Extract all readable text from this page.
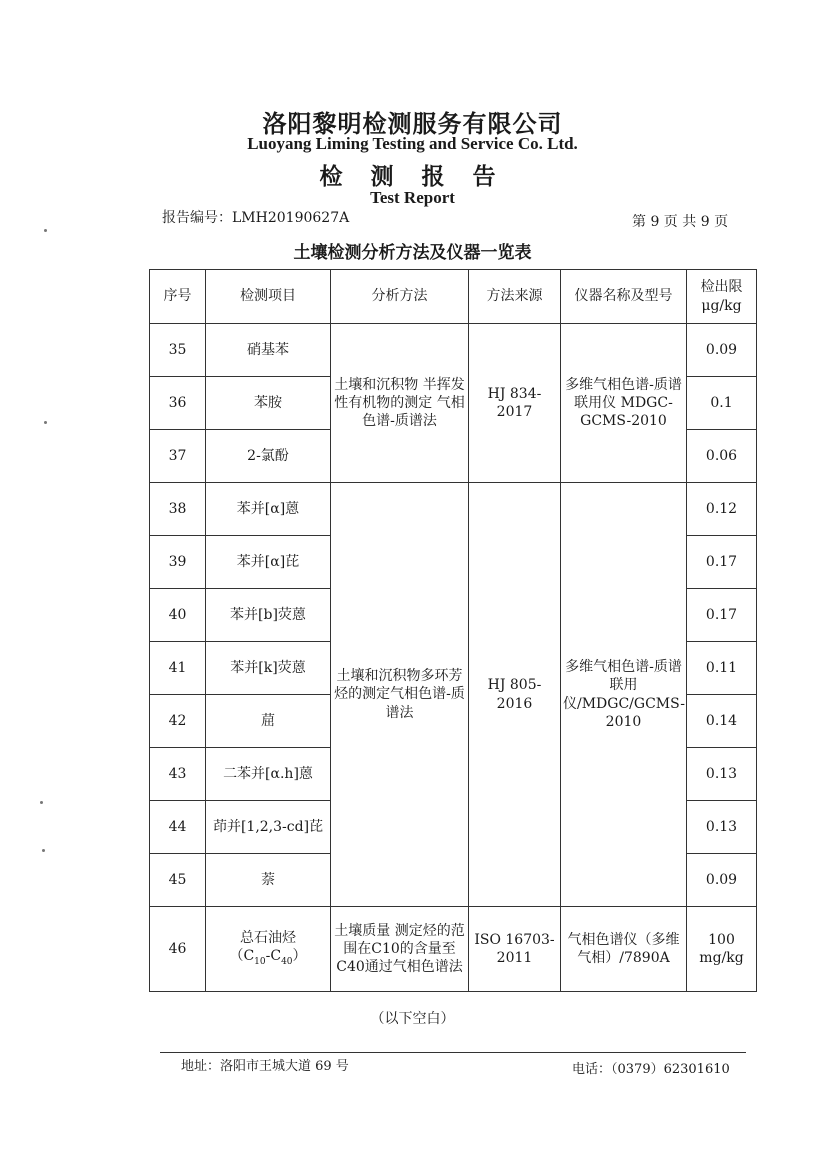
洛阳黎明检测服务有限公司
Luoyang Liming Testing and Service Co. Ltd.
检 测 报 告
Test Report
报告编号：LMH20190627A	第 9 页 共 9 页
土壤检测分析方法及仪器一览表
序号	检测项目	分析方法	方法来源	仪器名称及型号	检出限
μg/kg
35	硝基苯	土壤和沉积物 半挥发性有机物的测定 气相色谱-质谱法	HJ 834-2017	多维气相色谱-质谱联用仪 MDGC-GCMS-2010	0.09
36	苯胺				0.1
37	2-氯酚				0.06
38	苯并[α]蒽	土壤和沉积物多环芳烃的测定气相色谱-质谱法	HJ 805-2016	多维气相色谱-质谱联用仪/MDGC/GCMS-2010	0.12
39	苯并[α]芘				0.17
40	苯并[b]荧蒽				0.17
41	苯并[k]荧蒽				0.11
42	䓛				0.14
43	二苯并[α.h]蒽				0.13
44	茚并[1,2,3-cd]芘				0.13
45	萘				0.09
46	总石油烃
$(C_{10}-C_{40})$	土壤质量 测定烃的范围在C10的含量至C40通过气相色谱法	ISO 16703-2011	气相色谱仪（多维气相）/7890A	100 mg/kg
（以下空白）
地址：洛阳市王城大道 69 号	电话：（0379）62301610
